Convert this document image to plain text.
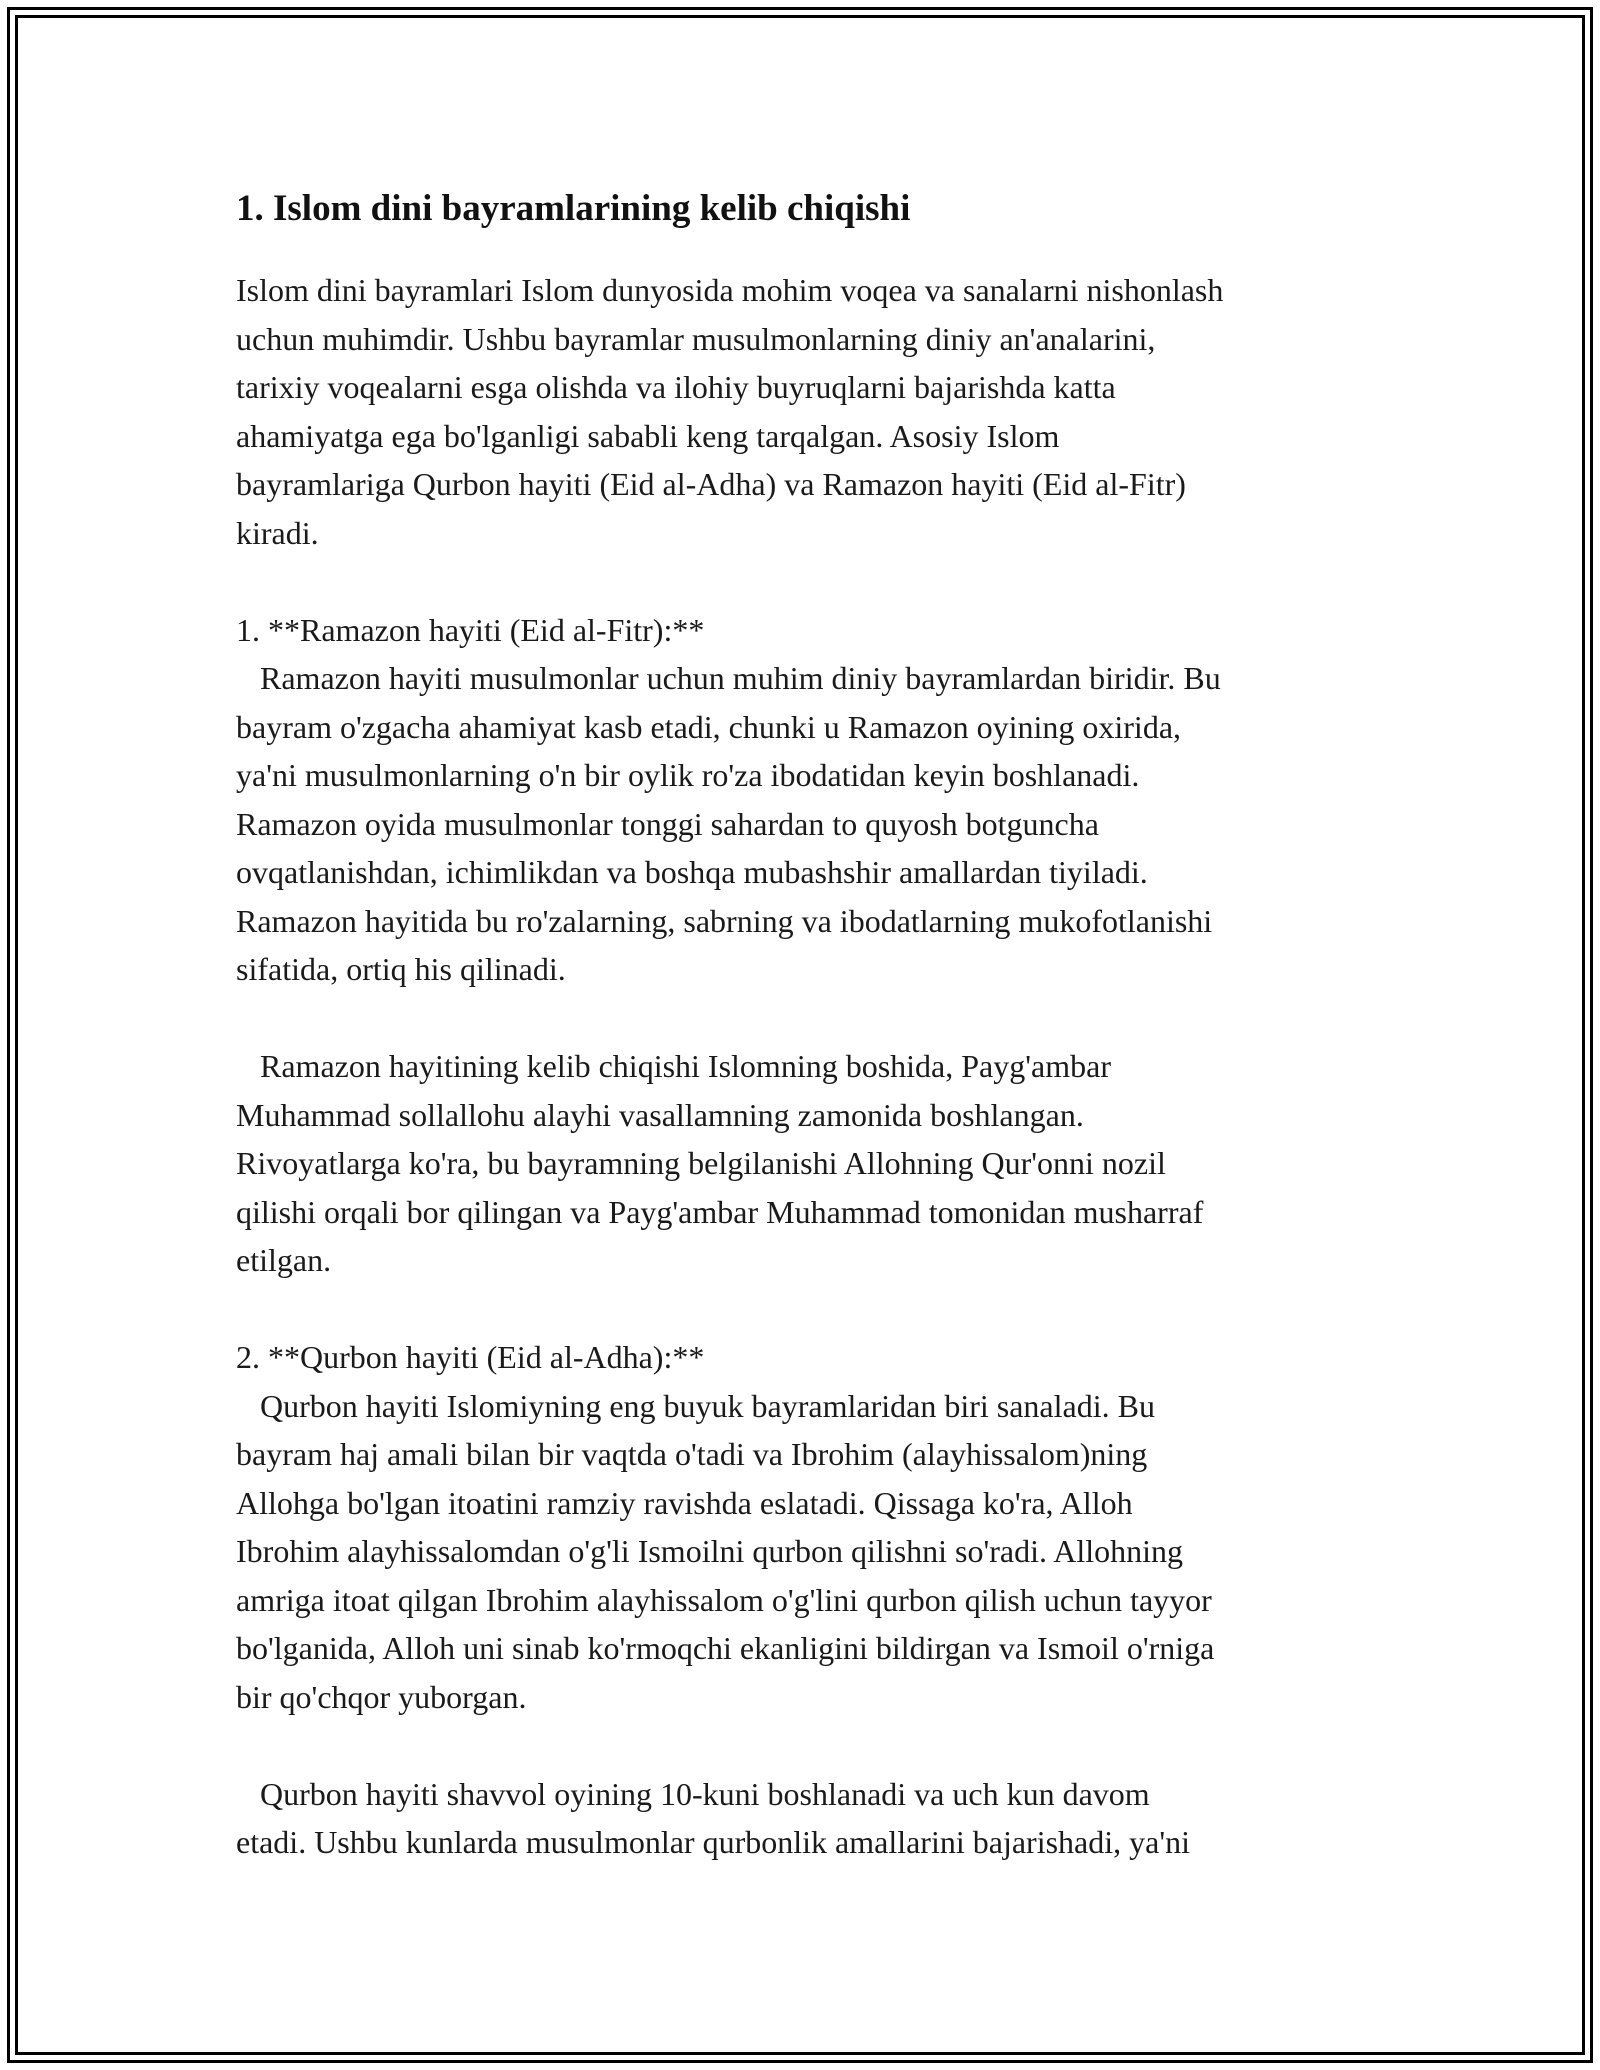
1. Islom dini bayramlarining kelib chiqishi

Islom dini bayramlari Islom dunyosida mohim voqea va sanalarni nishonlash
uchun muhimdir. Ushbu bayramlar musulmonlarning diniy an'analarini,
tarixiy voqealarni esga olishda va ilohiy buyruqlarni bajarishda katta
ahamiyatga ega bo'lganligi sababli keng tarqalgan. Asosiy Islom
bayramlariga Qurbon hayiti (Eid al-Adha) va Ramazon hayiti (Eid al-Fitr)
kiradi.

1. **Ramazon hayiti (Eid al-Fitr):**
Ramazon hayiti musulmonlar uchun muhim diniy bayramlardan biridir. Bu
bayram o'zgacha ahamiyat kasb etadi, chunki u Ramazon oyining oxirida,
ya'ni musulmonlarning o'n bir oylik ro'za ibodatidan keyin boshlanadi.
Ramazon oyida musulmonlar tonggi sahardan to quyosh botguncha
ovqatlanishdan, ichimlikdan va boshqa mubashshir amallardan tiyiladi.
Ramazon hayitida bu ro'zalarning, sabrning va ibodatlarning mukofotlanishi
sifatida, ortiq his qilinadi.

Ramazon hayitining kelib chiqishi Islomning boshida, Payg'ambar
Muhammad sollallohu alayhi vasallamning zamonida boshlangan.
Rivoyatlarga ko'ra, bu bayramning belgilanishi Allohning Qur'onni nozil
qilishi orqali bor qilingan va Payg'ambar Muhammad tomonidan musharraf
etilgan.

2. **Qurbon hayiti (Eid al-Adha):**
Qurbon hayiti Islomiyning eng buyuk bayramlaridan biri sanaladi. Bu
bayram haj amali bilan bir vaqtda o'tadi va Ibrohim (alayhissalom)ning
Allohga bo'lgan itoatini ramziy ravishda eslatadi. Qissaga ko'ra, Alloh
Ibrohim alayhissalomdan o'g'li Ismoilni qurbon qilishni so'radi. Allohning
amriga itoat qilgan Ibrohim alayhissalom o'g'lini qurbon qilish uchun tayyor
bo'lganida, Alloh uni sinab ko'rmoqchi ekanligini bildirgan va Ismoil o'rniga
bir qo'chqor yuborgan.

Qurbon hayiti shavvol oyining 10-kuni boshlanadi va uch kun davom
etadi. Ushbu kunlarda musulmonlar qurbonlik amallarini bajarishadi, ya'ni
